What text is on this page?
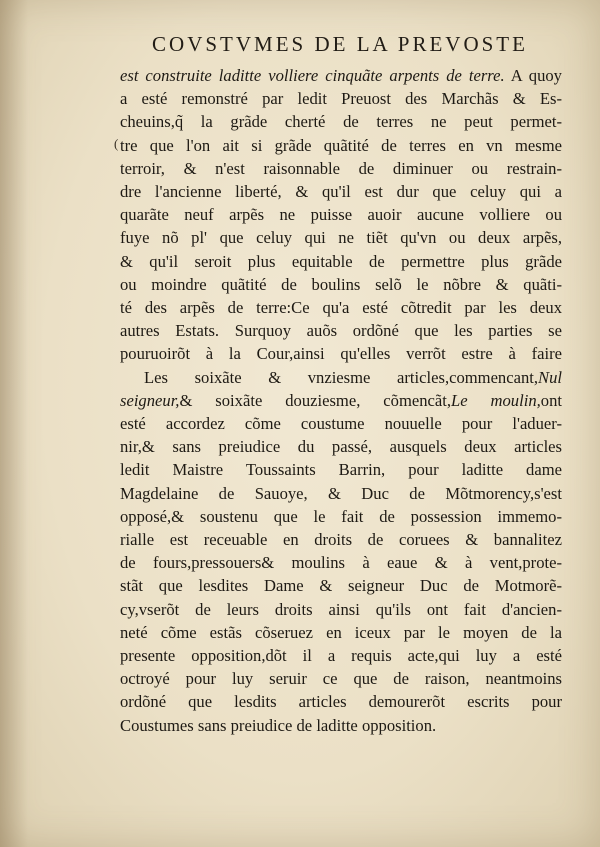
COVSTVMES DE LA PREVOSTE
(
est construite laditte volliere cinquãte arpents de terre. A quoy
a esté remonstré par ledit Preuost des Marchãs & Es-
cheuins,q̃ la grãde cherté de terres ne peut permet-
tre que l'on ait si grãde quãtité de terres en vn mesme
terroir, & n'est raisonnable de diminuer ou restrain-
dre l'ancienne liberté, & qu'il est dur que celuy qui a
quarãte neuf arpẽs ne puisse auoir aucune volliere ou
fuye nõ pl' que celuy qui ne tiẽt qu'vn ou deux arpẽs,
& qu'il seroit plus equitable de permettre plus grãde
ou moindre quãtité de boulins selõ le nõbre & quãti-
té des arpẽs de terre:Ce qu'a esté cõtredit par les deux
autres Estats. Surquoy auõs ordõné que les parties se
pouruoirõt à la Cour,ainsi qu'elles verrõt estre à faire
Les soixãte & vnziesme articles,commencant,Nul
seigneur,& soixãte douziesme, cõmencãt,Le moulin,ont
esté accordez cõme coustume nouuelle pour l'aduer-
nir,& sans preiudice du passé, ausquels deux articles
ledit Maistre Toussaints Barrin, pour laditte dame
Magdelaine de Sauoye, & Duc de Mõtmorency,s'est
opposé,& soustenu que le fait de possession immemo-
rialle est receuable en droits de coruees & bannalitez
de fours,pressouers& moulins à eaue & à vent,prote-
stãt que lesdites Dame & seigneur Duc de Motmorẽ-
cy,vserõt de leurs droits ainsi qu'ils ont fait d'ancien-
neté cõme estãs cõseruez en iceux par le moyen de la
presente opposition,dõt il a requis acte,qui luy a esté
octroyé pour luy seruir ce que de raison, neantmoins
ordõné que lesdits articles demourerõt escrits pour
Coustumes sans preiudice de laditte opposition.
